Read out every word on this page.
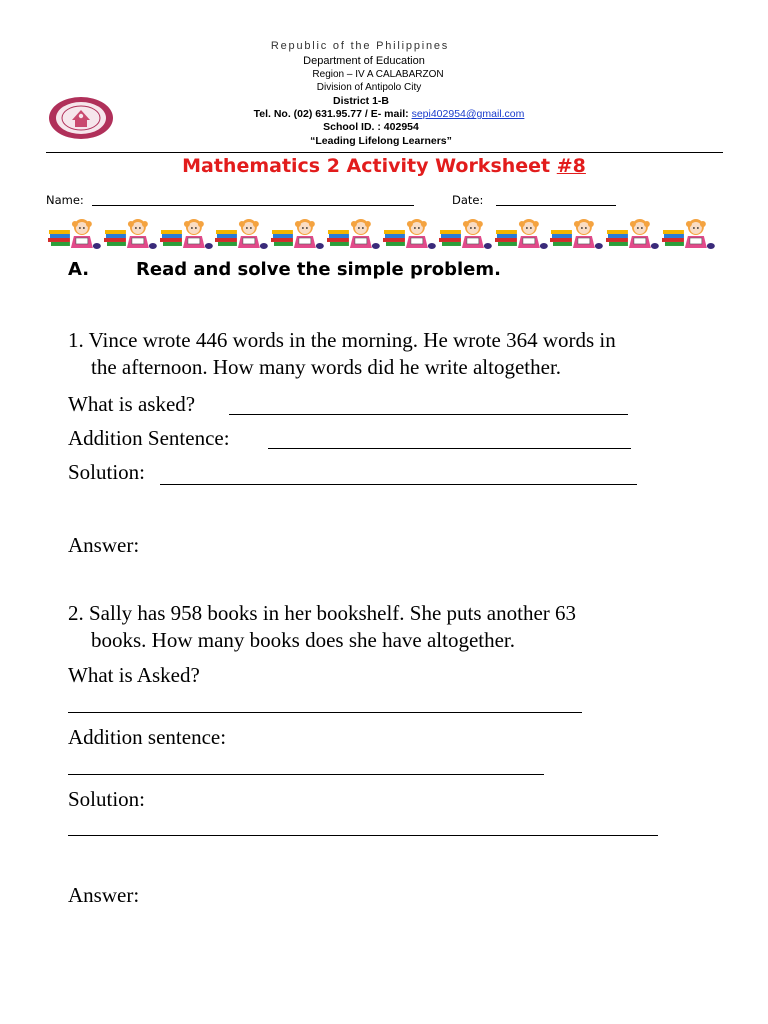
Republic of the Philippines
Department of Education
Region – IV A CALABARZON
Division of Antipolo City
District 1-B
Tel. No. (02) 631.95.77 / E- mail: sepi402954@gmail.com
School ID. : 402954
“Leading Lifelong Learners”
Mathematics 2 Activity Worksheet #8
Name:	Date:
A.	Read and solve the simple problem.
1. Vince wrote 446 words in the morning. He wrote 364 words in
the afternoon. How many words did he write altogether.
What is asked?
Addition Sentence:
Solution:
Answer:
2. Sally has 958 books in her bookshelf. She puts another 63
books. How many books does she have altogether.
What is Asked?
Addition sentence:
Solution:
Answer:
